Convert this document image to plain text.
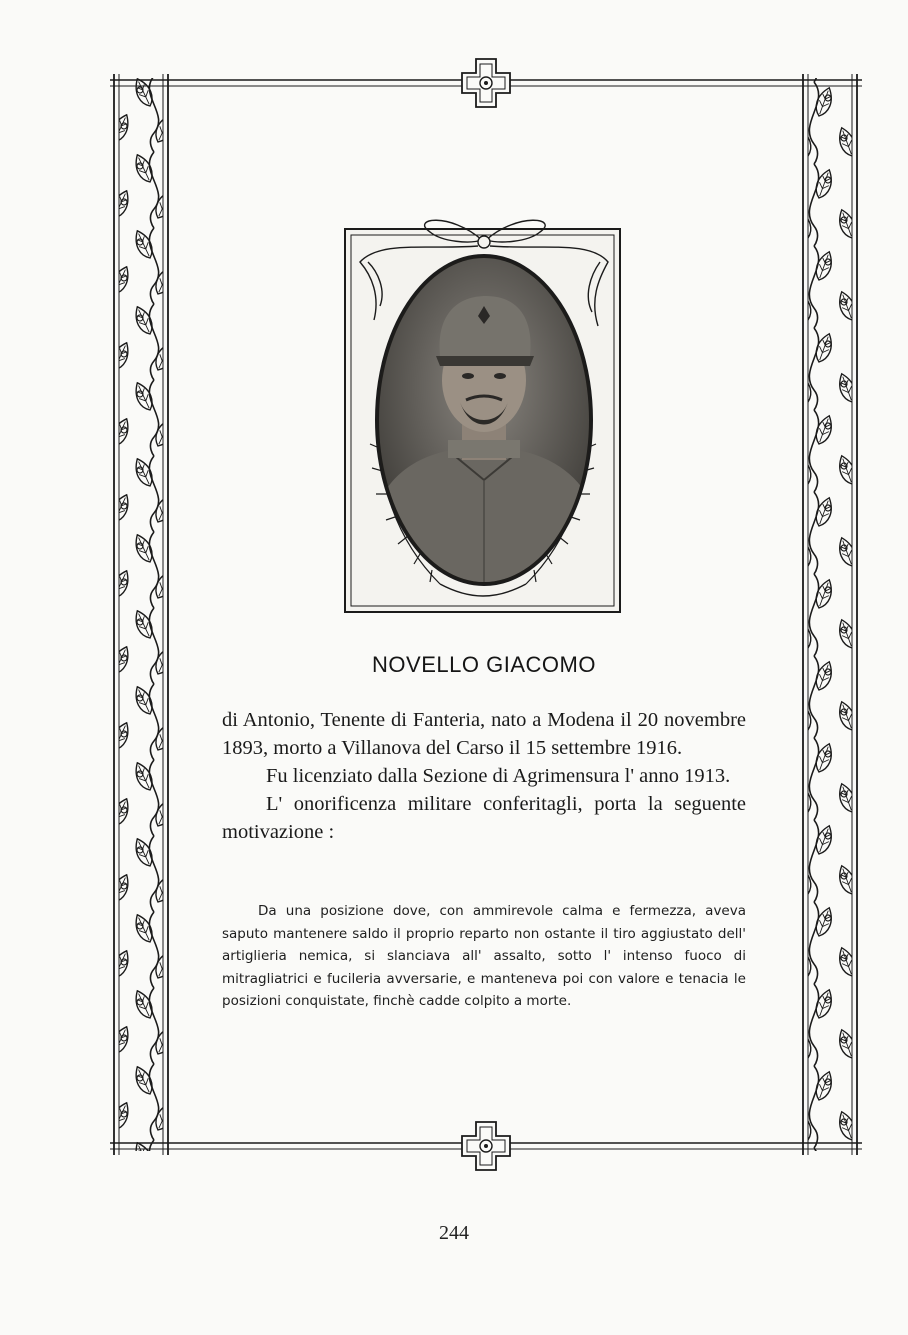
NOVELLO GIACOMO

di Antonio, Tenente di Fanteria, nato a Modena il 20 novembre 1893, morto a Villanova del Carso il 15 settembre 1916.

Fu licenziato dalla Sezione di Agrimensura l' anno 1913.

L' onorificenza militare conferitagli, porta la seguente motivazione :

Da una posizione dove, con ammirevole calma e fermezza, aveva saputo mantenere saldo il proprio reparto non ostante il tiro aggiustato dell' artiglieria nemica, si slanciava all' assalto, sotto l' intenso fuoco di mitragliatrici e fucileria avversarie, e manteneva poi con valore e tenacia le posizioni conquistate, finchè cadde colpito a morte.
244
